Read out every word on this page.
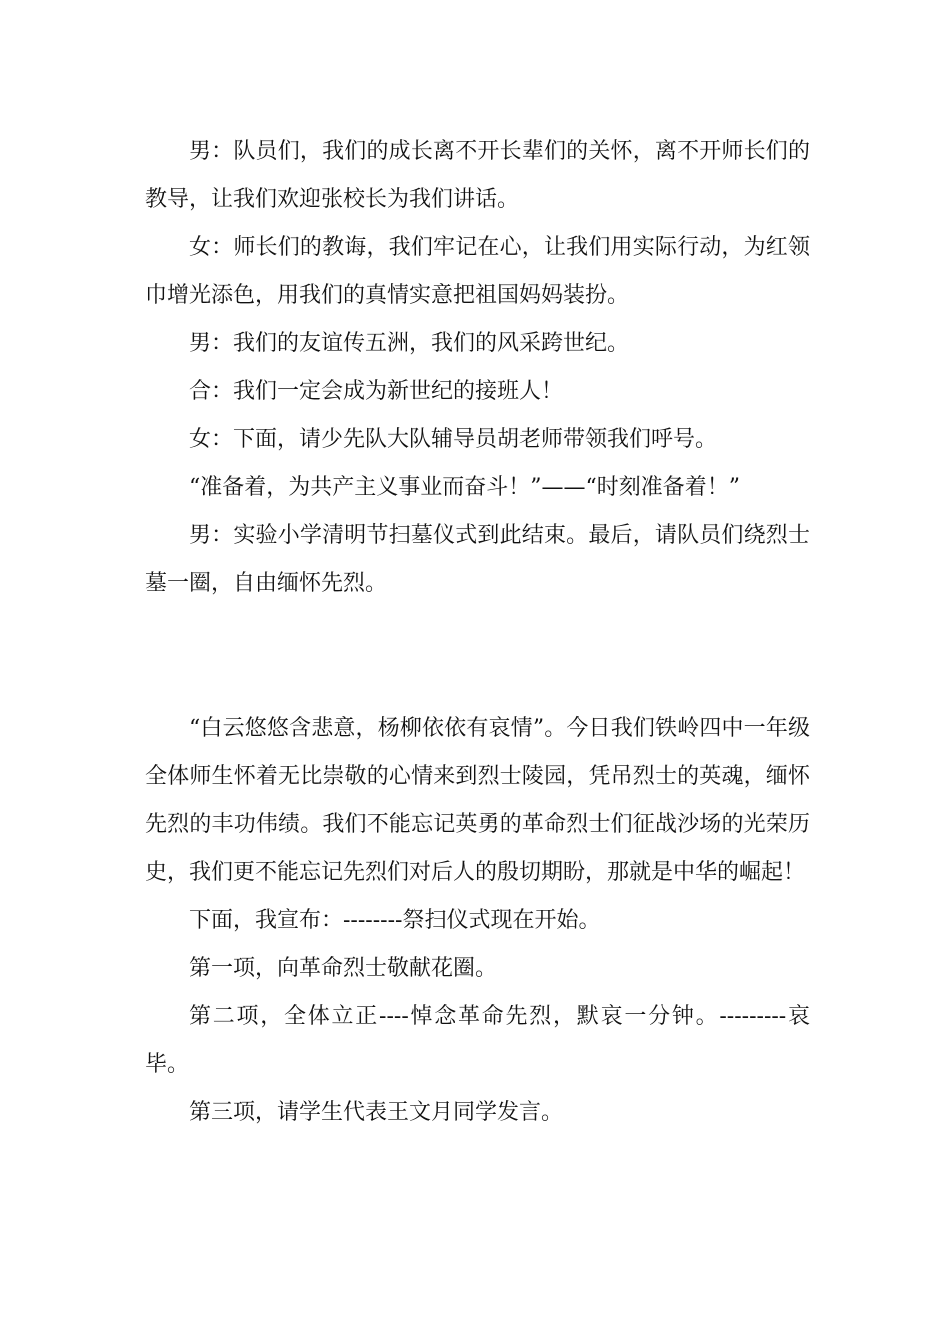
男：队员们，我们的成长离不开长辈们的关怀，离不开师长们的教导，让我们欢迎张校长为我们讲话。

女：师长们的教诲，我们牢记在心，让我们用实际行动，为红领巾增光添色，用我们的真情实意把祖国妈妈装扮。

男：我们的友谊传五洲，我们的风采跨世纪。

合：我们一定会成为新世纪的接班人！

女：下面，请少先队大队辅导员胡老师带领我们呼号。

“准备着，为共产主义事业而奋斗！”——“时刻准备着！”

男：实验小学清明节扫墓仪式到此结束。最后，请队员们绕烈士墓一圈，自由缅怀先烈。

“白云悠悠含悲意，杨柳依依有哀情”。今日我们铁岭四中一年级全体师生怀着无比崇敬的心情来到烈士陵园，凭吊烈士的英魂，缅怀先烈的丰功伟绩。我们不能忘记英勇的革命烈士们征战沙场的光荣历史，我们更不能忘记先烈们对后人的殷切期盼，那就是中华的崛起！

下面，我宣布：--------祭扫仪式现在开始。

第一项，向革命烈士敬献花圈。

第二项，全体立正----悼念革命先烈，默哀一分钟。---------哀毕。

第三项，请学生代表王文月同学发言。
